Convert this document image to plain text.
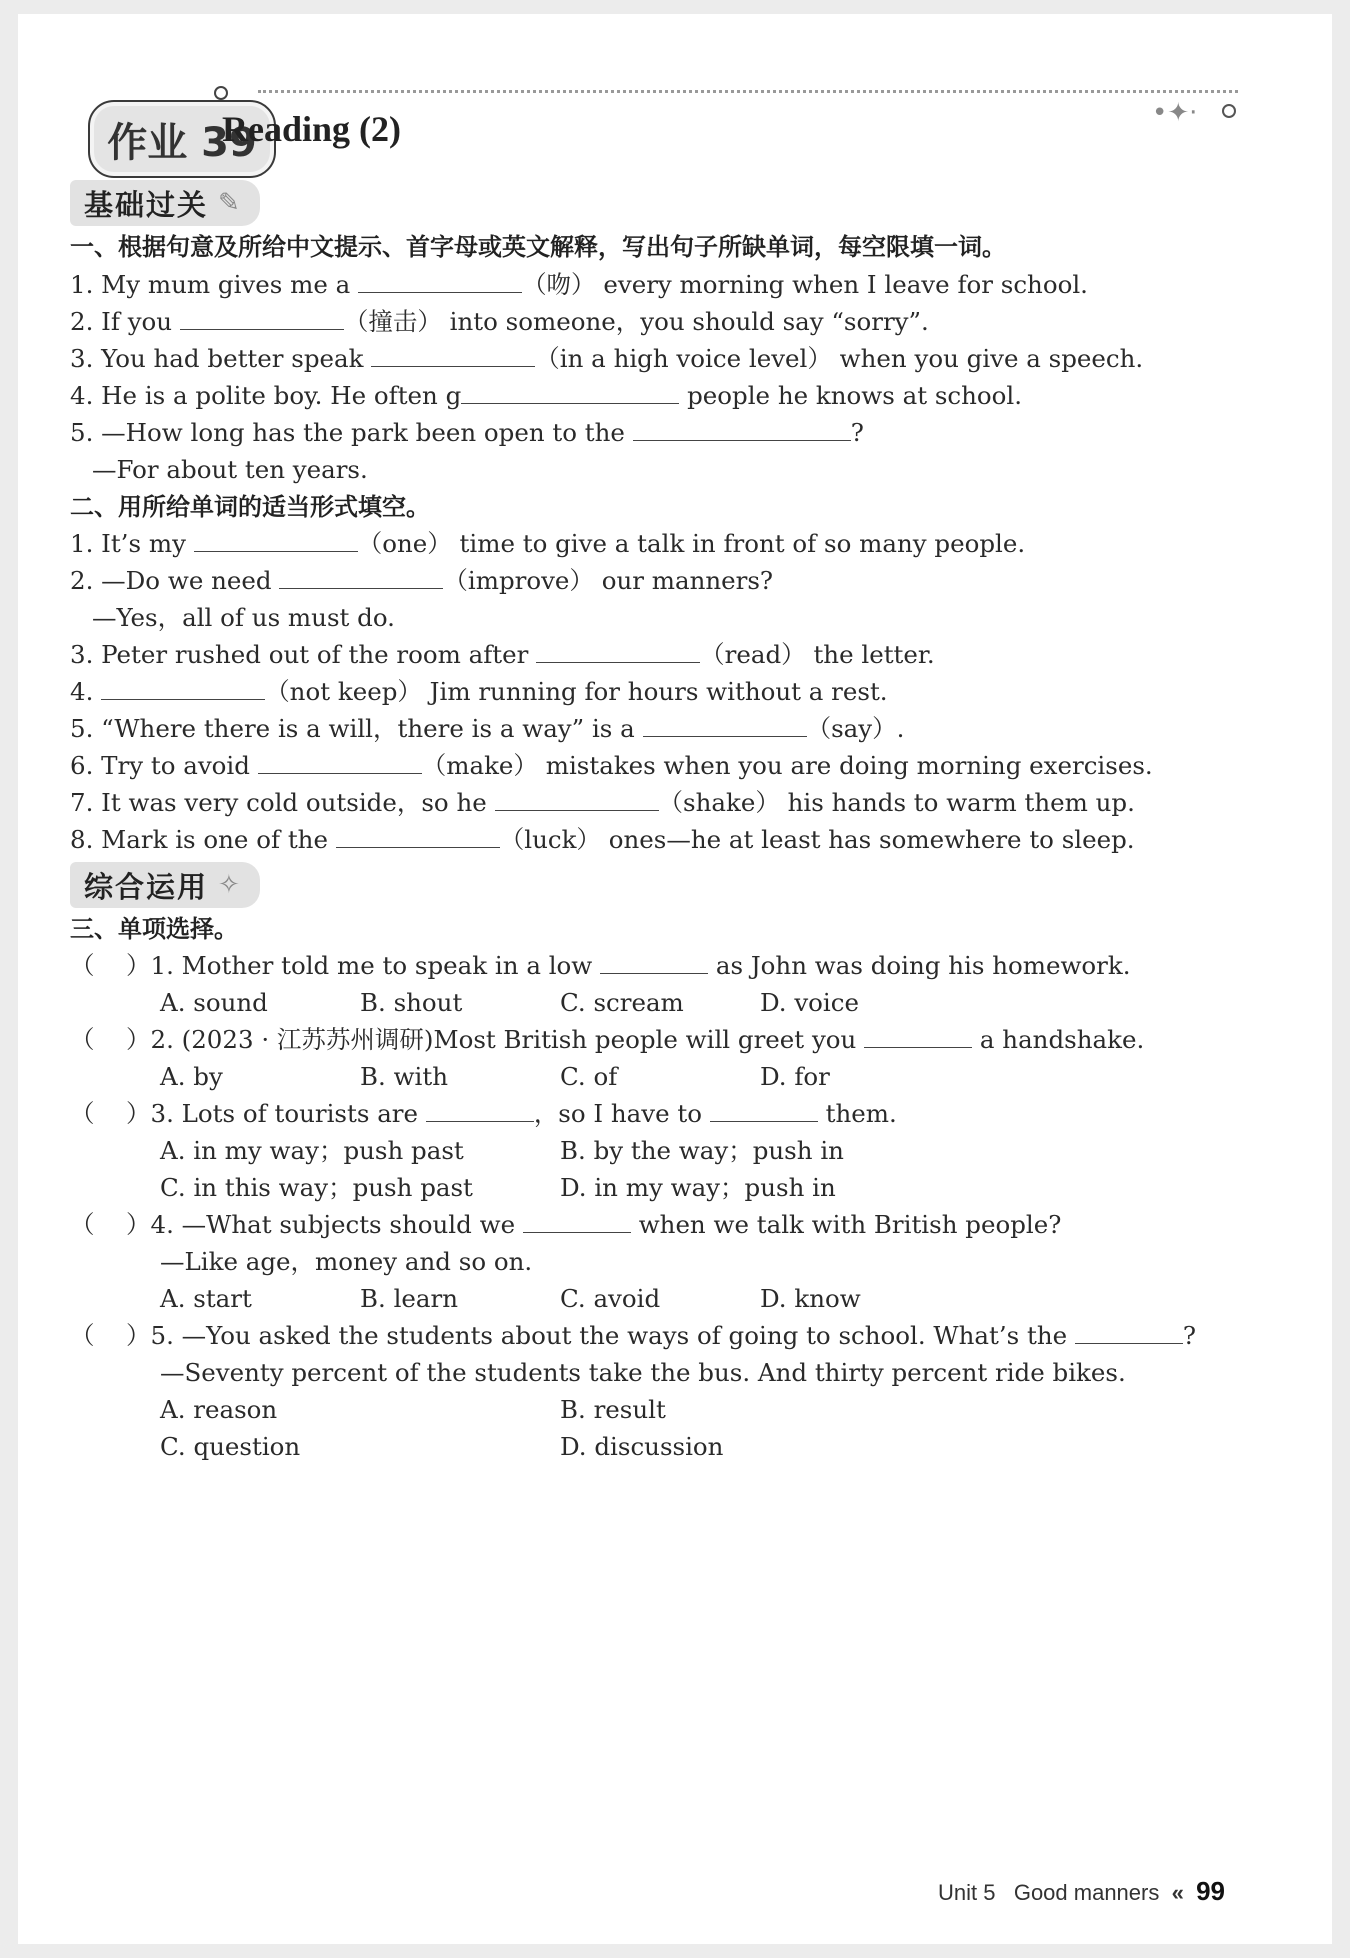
作业 39
Reading (2)	•✦·
基础过关 ✎
一、根据句意及所给中文提示、首字母或英文解释，写出句子所缺单词，每空限填一词。
1. My mum gives me a	（吻） every morning when I leave for school.
2. If you	（撞击） into someone，you should say “sorry”.
3. You had better speak	（in a high voice level） when you give a speech.
4. He is a polite boy. He often g	people he knows at school.
5. —How long has the park been open to the	?
—For about ten years.
二、用所给单词的适当形式填空。
1. It’s my	（one） time to give a talk in front of so many people.
2. —Do we need	（improve） our manners?
—Yes，all of us must do.
3. Peter rushed out of the room after	（read） the letter.
4.	（not keep） Jim running for hours without a rest.
5. “Where there is a will，there is a way” is a	（say）.
6. Try to avoid	（make） mistakes when you are doing morning exercises.
7. It was very cold outside，so he	（shake） his hands to warm them up.
8. Mark is one of the	（luck） ones—he at least has somewhere to sleep.
综合运用 ✧
三、单项选择。
（ ）1. Mother told me to speak in a low	as John was doing his homework.
A. sound	B. shout	C. scream	D. voice
（ ）2. (2023 · 江苏苏州调研)Most British people will greet you	a handshake.
A. by	B. with	C. of	D. for
（ ）3. Lots of tourists are	，so I have to	them.
A. in my way；push past	B. by the way；push in
C. in this way；push past	D. in my way；push in
（ ）4. —What subjects should we	when we talk with British people?
—Like age，money and so on.
A. start	B. learn	C. avoid	D. know
（ ）5. —You asked the students about the ways of going to school. What’s the	?
—Seventy percent of the students take the bus. And thirty percent ride bikes.
A. reason	B. result
C. question	D. discussion
Unit 5 Good manners « 99
